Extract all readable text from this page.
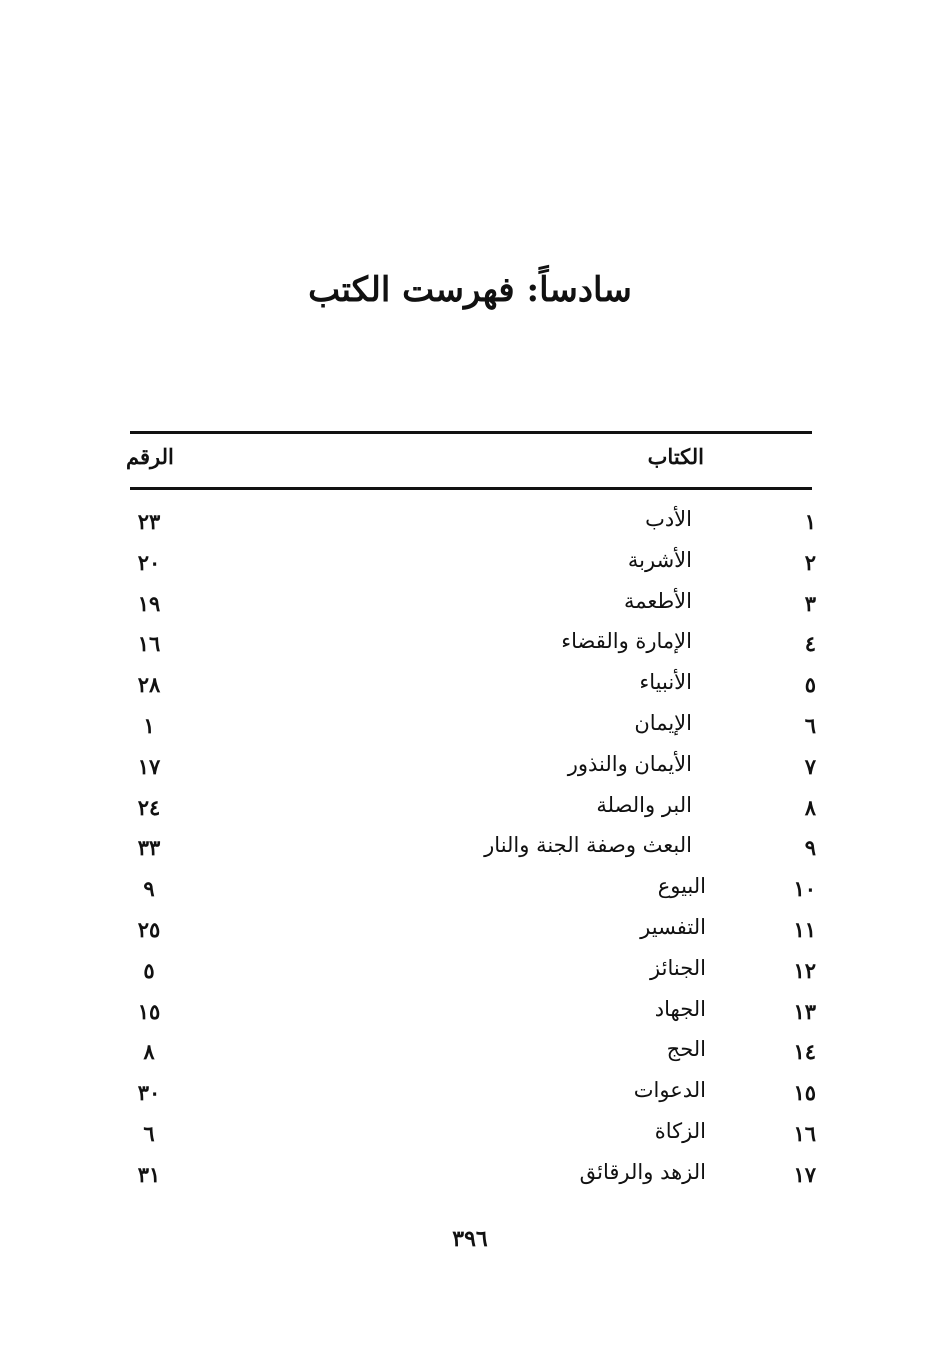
سادساً: فهرست الكتب
الكتاب
الرقم
١
الأدب
٢٣
٢
الأشربة
٢٠
٣
الأطعمة
١٩
٤
الإمارة والقضاء
١٦
٥
الأنبياء
٢٨
٦
الإيمان
١
٧
الأيمان والنذور
١٧
٨
البر والصلة
٢٤
٩
البعث وصفة الجنة والنار
٣٣
١٠
البيوع
٩
١١
التفسير
٢٥
١٢
الجنائز
٥
١٣
الجهاد
١٥
١٤
الحج
٨
١٥
الدعوات
٣٠
١٦
الزكاة
٦
١٧
الزهد والرقائق
٣١
٣٩٦
